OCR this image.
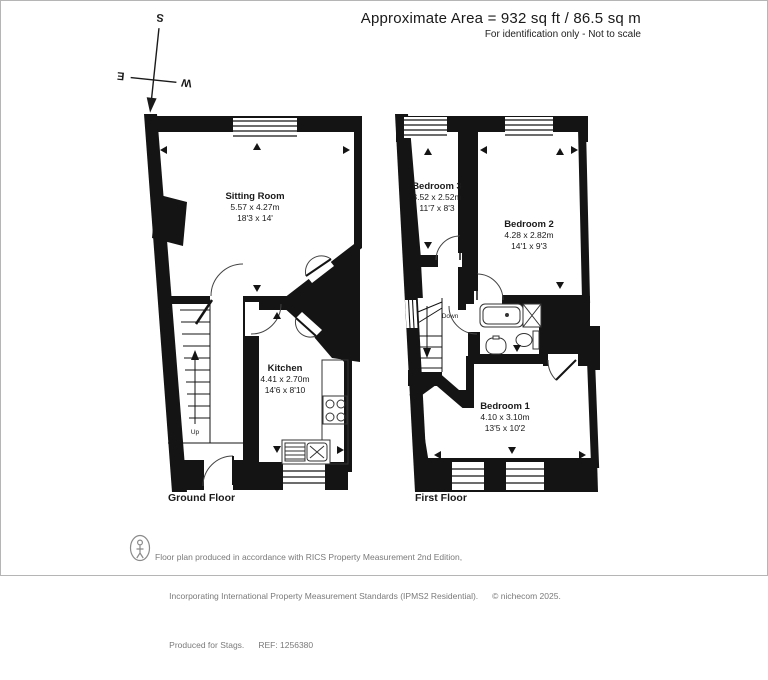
Approximate Area = 932 sq ft / 86.5 sq m
For identification only - Not to scale
S
E
W
Up
Sitting Room
5.57 x 4.27m
18'3 x 14'
Kitchen
4.41 x 2.70m
14'6 x 8'10
Ground Floor
Down
Bedroom 3
3.52 x 2.52m
11'7 x 8'3
Bedroom 2
4.28 x 2.82m
14'1 x 9'3
Bedroom 1
4.10 x 3.10m
13'5 x 10'2
First Floor

Floor plan produced in accordance with RICS Property Measurement 2nd Edition,

Incorporating International Property Measurement Standards (IPMS2 Residential). © nichecom 2025.

Produced for Stags. REF: 1256380
